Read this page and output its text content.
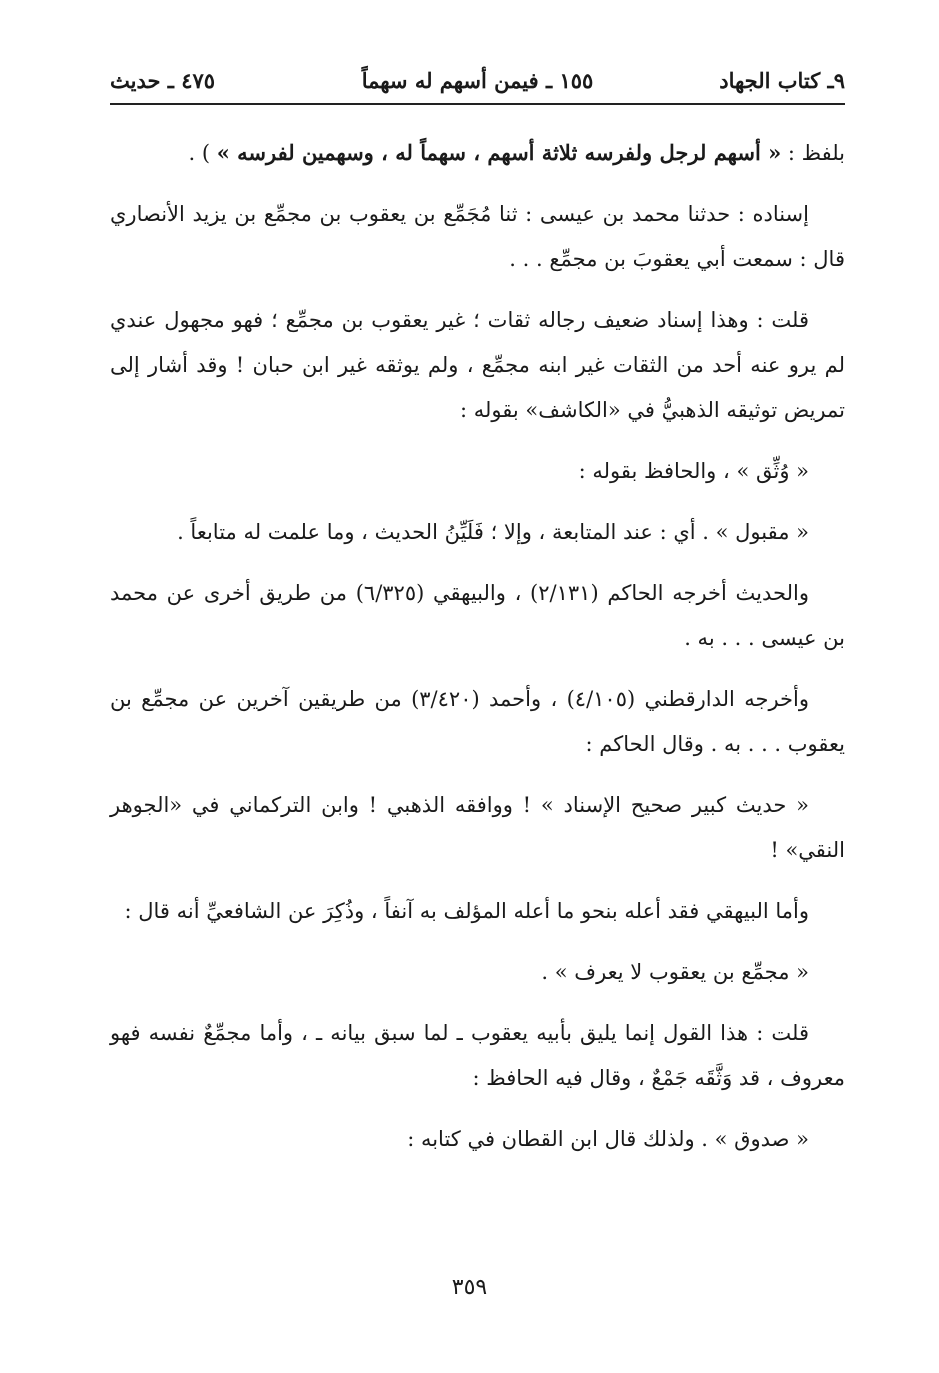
٩ـ كتاب الجهاد
١٥٥ ـ فيمن أسهم له سهماً
٤٧٥ ـ حديث

بلفظ : « أسهم لرجل ولفرسه ثلاثة أسهم ، سهماً له ، وسهمين لفرسه » ) .

إسناده : حدثنا محمد بن عيسى : ثنا مُجَمِّع بن يعقوب بن مجمِّع بن يزيد الأنصاري قال : سمعت أبي يعقوبَ بن مجمِّع . . .

قلت : وهذا إسناد ضعيف رجاله ثقات ؛ غير يعقوب بن مجمِّع ؛ فهو مجهول عندي لم يرو عنه أحد من الثقات غير ابنه مجمِّع ، ولم يوثقه غير ابن حبان ! وقد أشار إلى تمريض توثيقه الذهبيُّ في «الكاشف» بقوله :

« وُثِّق » ، والحافظ بقوله :

« مقبول » . أي : عند المتابعة ، وإلا ؛ فَلَيِّنُ الحديث ، وما علمت له متابعاً .

والحديث أخرجه الحاكم (٢/١٣١) ، والبيهقي (٦/٣٢٥) من طريق أخرى عن محمد بن عيسى . . . به .

وأخرجه الدارقطني (٤/١٠٥) ، وأحمد (٣/٤٢٠) من طريقين آخرين عن مجمِّع بن يعقوب . . . به . وقال الحاكم :

« حديث كبير صحيح الإسناد » ! ووافقه الذهبي ! وابن التركماني في «الجوهر النقي» !

وأما البيهقي فقد أعله بنحو ما أعله المؤلف به آنفاً ، وذُكِرَ عن الشافعيِّ أنه قال :

« مجمِّع بن يعقوب لا يعرف » .

قلت : هذا القول إنما يليق بأبيه يعقوب ـ لما سبق بيانه ـ ، وأما مجمِّعٌ نفسه فهو معروف ، قد وَثَّقَه جَمْعٌ ، وقال فيه الحافظ :

« صدوق » . ولذلك قال ابن القطان في كتابه :

٣٥٩
